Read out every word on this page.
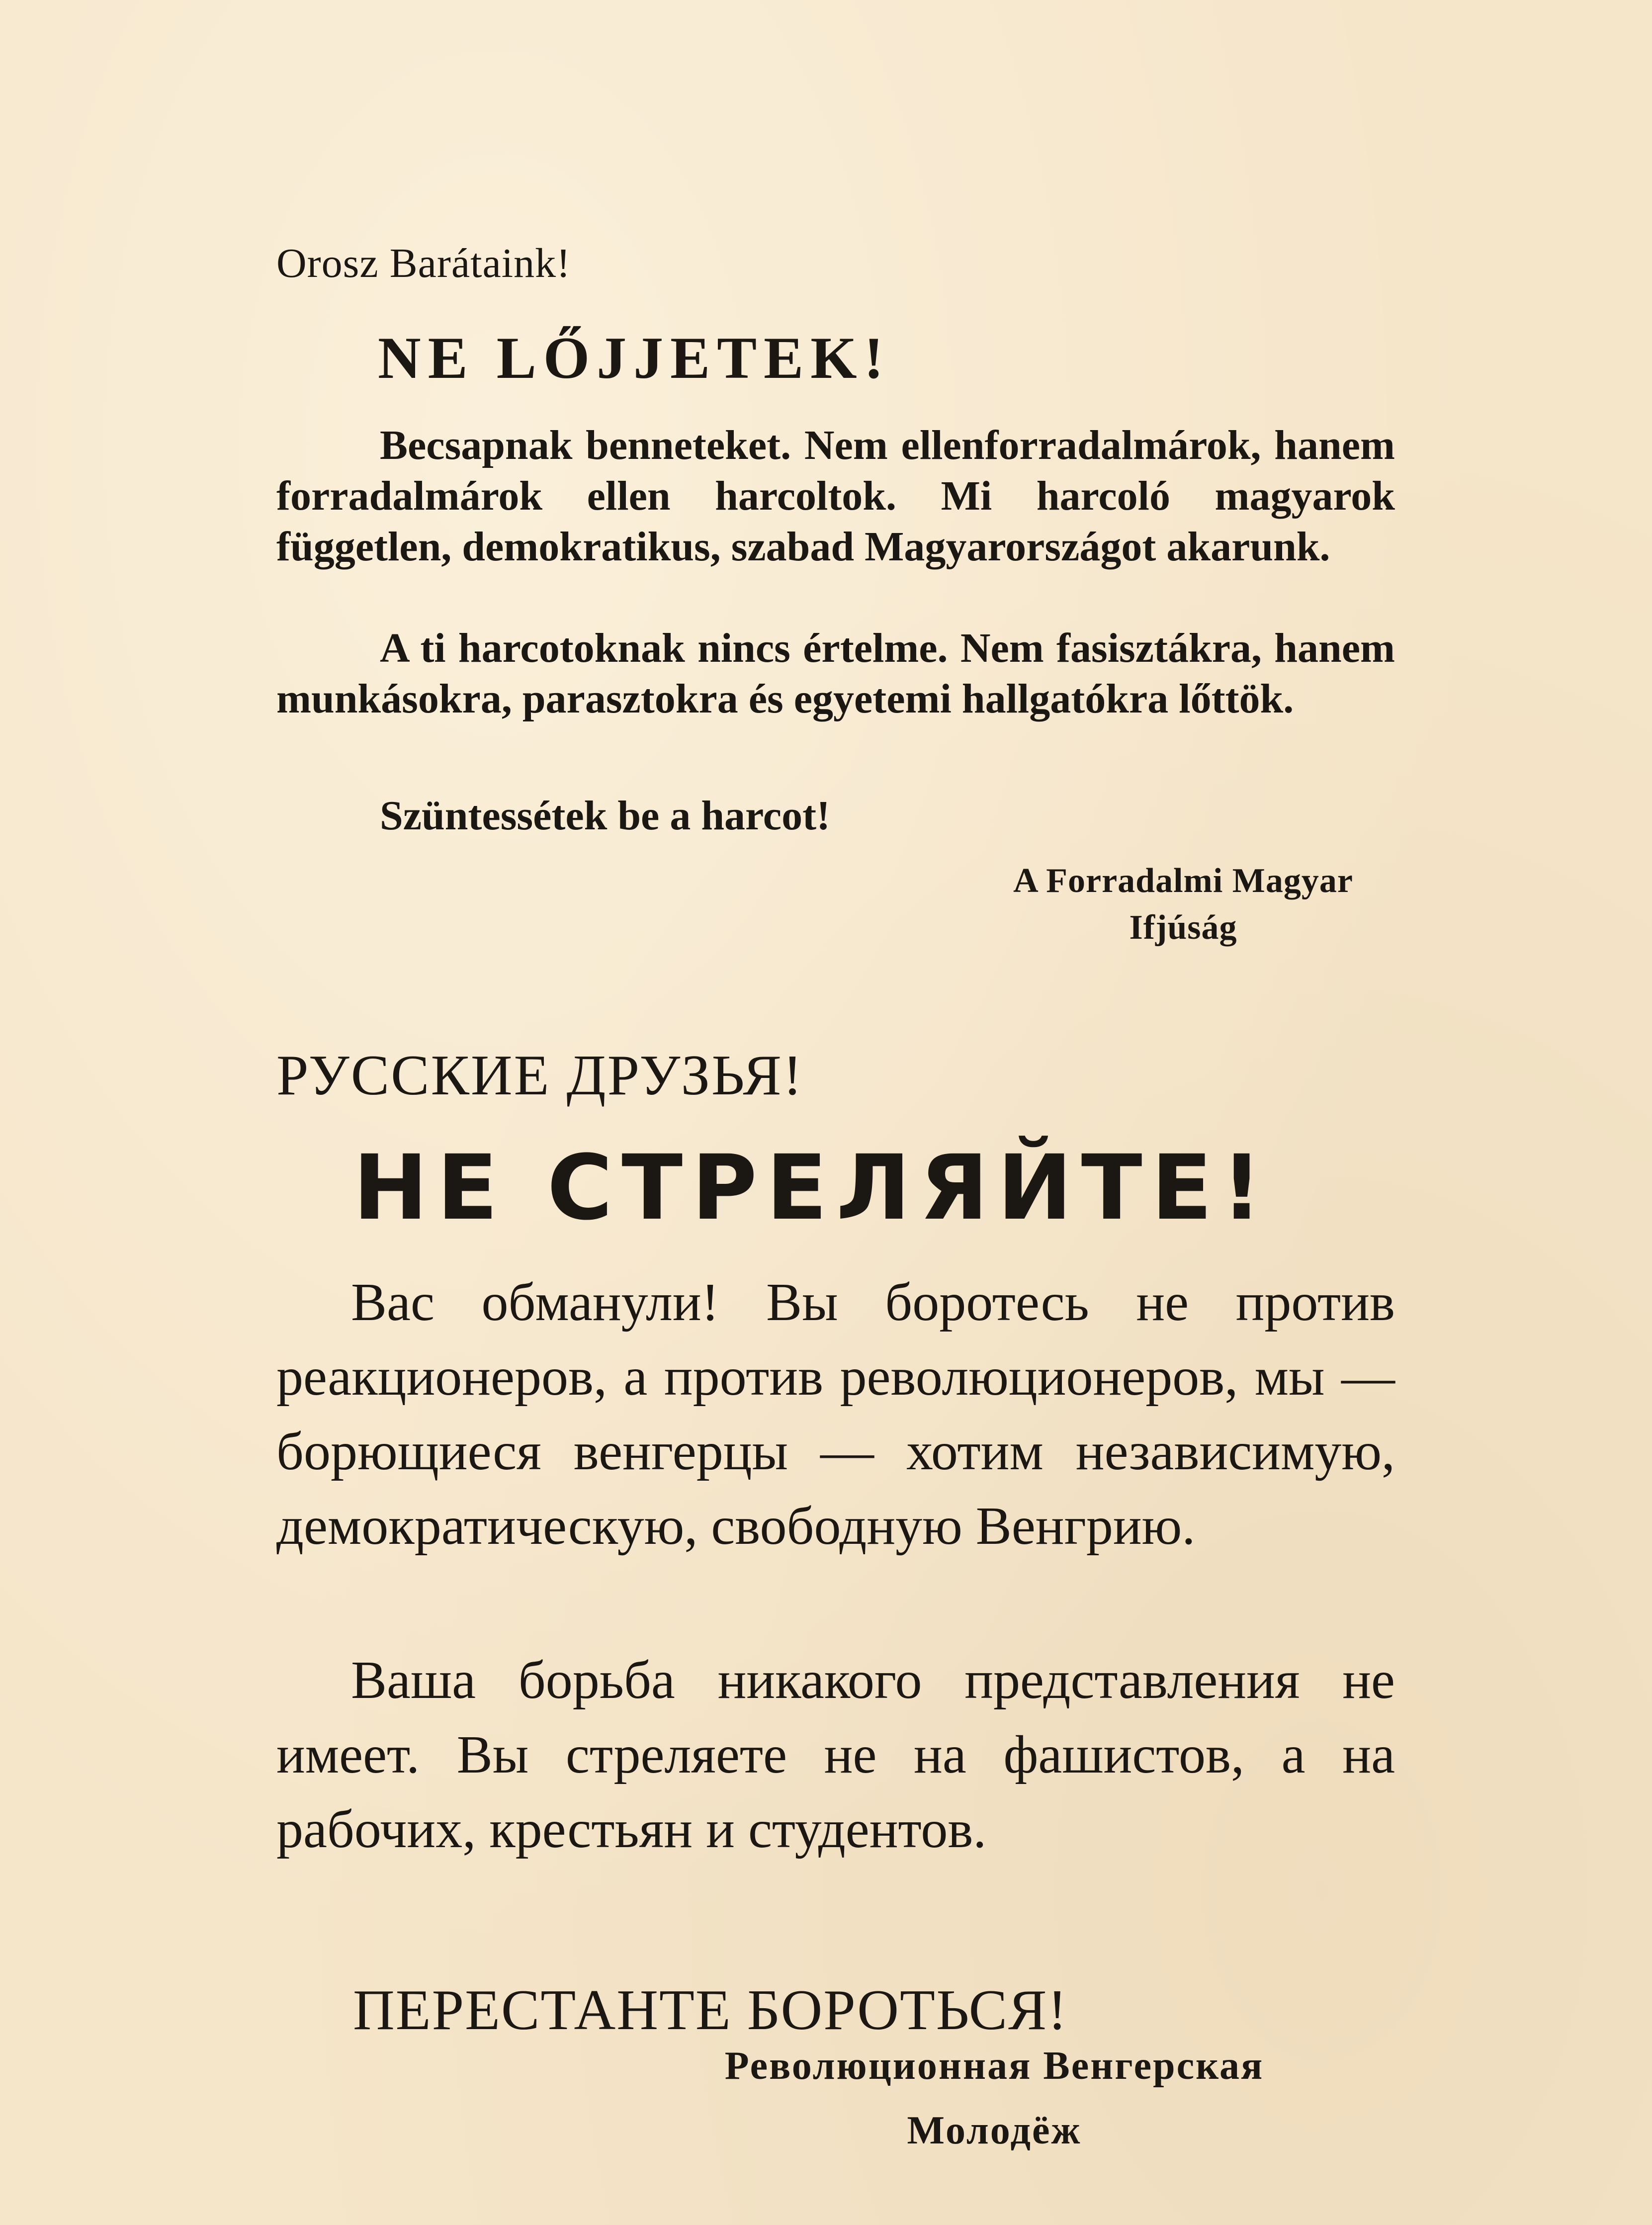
Orosz Barátaink!
NE LŐJJETEK!

Becsapnak benneteket. Nem ellenforradalmárok, hanem forradalmárok ellen harcoltok. Mi harcoló magyarok független, demokratikus, szabad Magyarországot akarunk.

A ti harcotoknak nincs értelme. Nem fasisztákra, hanem munkásokra, parasztokra és egyetemi hallgatókra lőttök.

Szüntessétek be a harcot!

A Forradalmi Magyar
Ifjúság
РУССКИЕ ДРУЗЬЯ!
НЕ СТРЕЛЯЙТЕ!

Вас обманули! Вы боротесь не против реакционеров, а против революционеров, мы — борющиеся венгерцы — хотим независимую, демократическую, свободную Венгрию.

Ваша борьба никакого представления не имеет. Вы стреляете не на фашистов, а на рабочих, крестьян и студентов.

ПЕРЕСТАНТЕ БОРОТЬСЯ!
Революционная Венгерская
Молодёж
